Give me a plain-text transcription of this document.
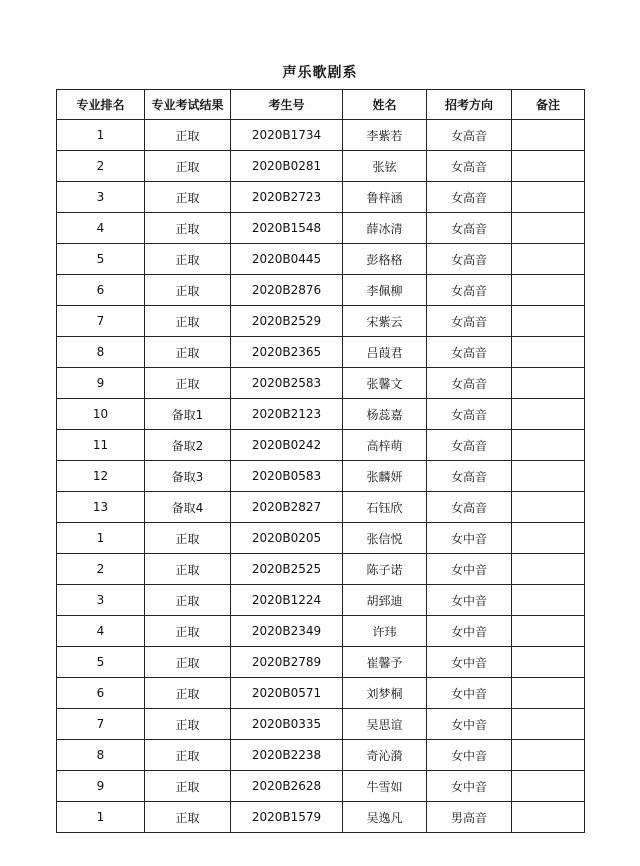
声乐歌剧系
专业排名	专业考试结果	考生号	姓名	招考方向	备注
1	正取	2020B1734	李紫若	女高音	
2	正取	2020B0281	张铉	女高音	
3	正取	2020B2723	鲁梓涵	女高音	
4	正取	2020B1548	薛冰清	女高音	
5	正取	2020B0445	彭格格	女高音	
6	正取	2020B2876	李佩柳	女高音	
7	正取	2020B2529	宋紫云	女高音	
8	正取	2020B2365	吕葭君	女高音	
9	正取	2020B2583	张馨文	女高音	
10	备取1	2020B2123	杨蕊嘉	女高音	
11	备取2	2020B0242	高梓萌	女高音	
12	备取3	2020B0583	张麟妍	女高音	
13	备取4	2020B2827	石钰欣	女高音	
1	正取	2020B0205	张信悦	女中音	
2	正取	2020B2525	陈子诺	女中音	
3	正取	2020B1224	胡郅迪	女中音	
4	正取	2020B2349	许玮	女中音	
5	正取	2020B2789	崔馨予	女中音	
6	正取	2020B0571	刘梦桐	女中音	
7	正取	2020B0335	吴思谊	女中音	
8	正取	2020B2238	奇沁漪	女中音	
9	正取	2020B2628	牛雪如	女中音	
1	正取	2020B1579	吴逸凡	男高音	
